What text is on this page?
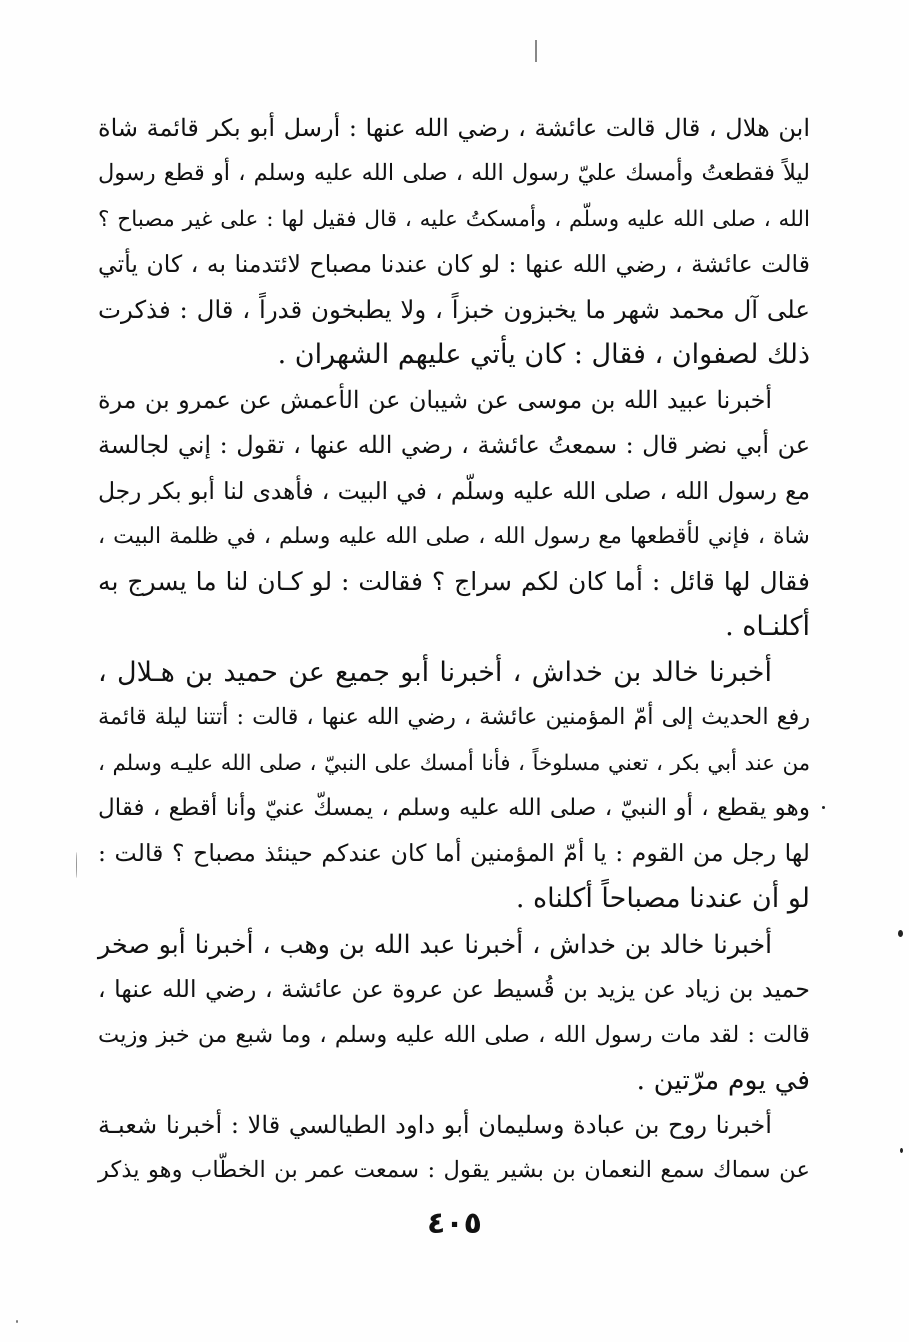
ابن هلال ، قال قالت عائشة ، رضي الله عنها : أرسل أبو بكر قائمة شاة
ليلاً فقطعتُ وأمسك عليّ رسول الله ، صلى الله عليه وسلم ، أو قطع رسول
الله ، صلى الله عليه وسلّم ، وأمسكتُ عليه ، قال فقيل لها : على غير مصباح ؟
قالت عائشة ، رضي الله عنها : لو كان عندنا مصباح لائتدمنا به ، كان يأتي
على آل محمد شهر ما يخبزون خبزاً ، ولا يطبخون قدراً ، قال : فذكرت
ذلك لصفوان ، فقال : كان يأتي عليهم الشهران .
أخبرنا عبيد الله بن موسى عن شيبان عن الأعمش عن عمرو بن مرة
عن أبي نضر قال : سمعتُ عائشة ، رضي الله عنها ، تقول : إني لجالسة
مع رسول الله ، صلى الله عليه وسلّم ، في البيت ، فأهدى لنا أبو بكر رجل
شاة ، فإني لأقطعها مع رسول الله ، صلى الله عليه وسلم ، في ظلمة البيت ،
فقال لها قائل : أما كان لكم سراج ؟ فقالت : لو كـان لنا ما يسرج به
أكلنـاه .
أخبرنا خالد بن خداش ، أخبرنا أبو جميع عن حميد بن هـلال ،
رفع الحديث إلى أمّ المؤمنين عائشة ، رضي الله عنها ، قالت : أتتنا ليلة قائمة
من عند أبي بكر ، تعني مسلوخاً ، فأنا أمسك على النبيّ ، صلى الله عليـه وسلم ،
وهو يقطع ، أو النبيّ ، صلى الله عليه وسلم ، يمسكّ عنيّ وأنا أقطع ، فقال
لها رجل من القوم : يا أمّ المؤمنين أما كان عندكم حينئذ مصباح ؟ قالت :
لو أن عندنا مصباحاً أكلناه .
أخبرنا خالد بن خداش ، أخبرنا عبد الله بن وهب ، أخبرنا أبو صخر
حميد بن زياد عن يزيد بن قُسيط عن عروة عن عائشة ، رضي الله عنها ،
قالت : لقد مات رسول الله ، صلى الله عليه وسلم ، وما شبع من خبز وزيت
في يوم مرّتين .
أخبرنا روح بن عبادة وسليمان أبو داود الطيالسي قالا : أخبرنا شعبـة
عن سماك سمع النعمان بن بشير يقول : سمعت عمر بن الخطّاب وهو يذكر
٤٠٥
